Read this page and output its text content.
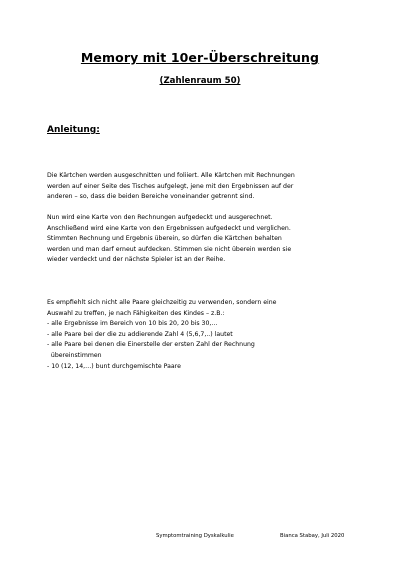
Memory mit 10er-Überschreitung
(Zahlenraum 50)
Anleitung:
Die Kärtchen werden ausgeschnitten und foliiert. Alle Kärtchen mit Rechnungen
werden auf einer Seite des Tisches aufgelegt, jene mit den Ergebnissen auf der
anderen – so, dass die beiden Bereiche voneinander getrennt sind.
Nun wird eine Karte von den Rechnungen aufgedeckt und ausgerechnet.
Anschließend wird eine Karte von den Ergebnissen aufgedeckt und verglichen.
Stimmten Rechnung und Ergebnis überein, so dürfen die Kärtchen behalten
werden und man darf erneut aufdecken. Stimmen sie nicht überein werden sie
wieder verdeckt und der nächste Spieler ist an der Reihe.
Es empfiehlt sich nicht alle Paare gleichzeitig zu verwenden, sondern eine
Auswahl zu treffen, je nach Fähigkeiten des Kindes – z.B.:
- alle Ergebnisse im Bereich von 10 bis 20, 20 bis 30,…
- alle Paare bei der die zu addierende Zahl 4 (5,6,7,..) lautet
- alle Paare bei denen die Einerstelle der ersten Zahl der Rechnung
übereinstimmen
- 10 (12, 14,…) bunt durchgemischte Paare
Symptomtraining Dyskalkulie	Bianca Stabay, Juli 2020
